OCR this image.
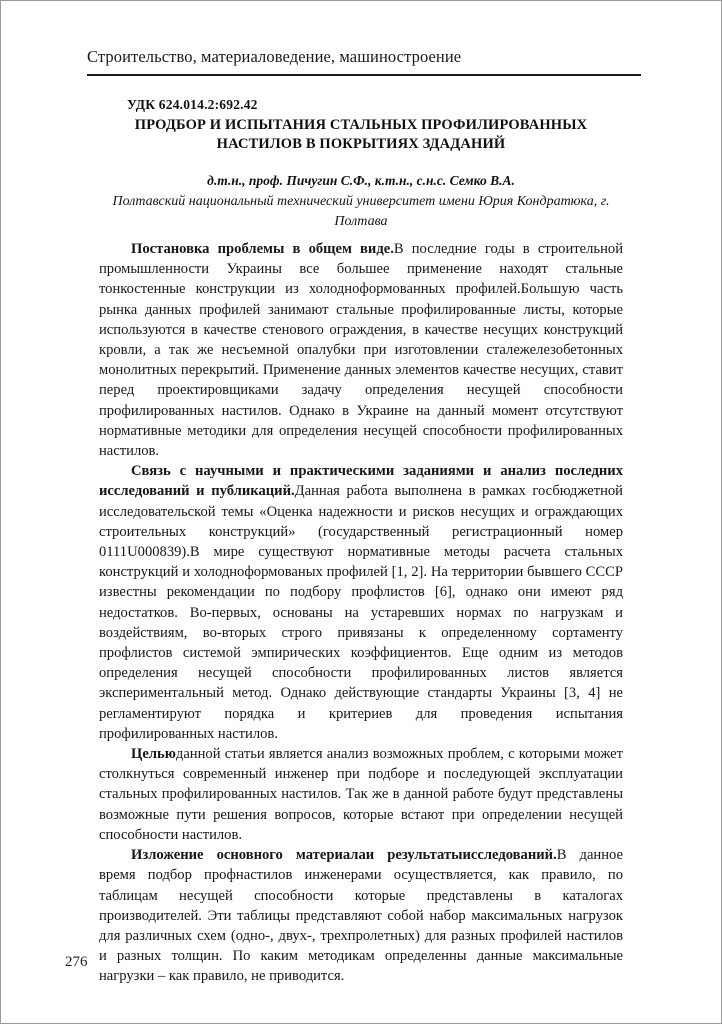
Строительство, материаловедение, машиностроение
УДК 624.014.2:692.42
ПРОДБОР И ИСПЫТАНИЯ СТАЛЬНЫХ ПРОФИЛИРОВАННЫХ НАСТИЛОВ В ПОКРЫТИЯХ ЗДАДАНИЙ
д.т.н., проф. Пичугин С.Ф., к.т.н., с.н.с. Семко В.А.
Полтавский национальный технический университет имени Юрия Кондратюка, г. Полтава

Постановка проблемы в общем виде.В последние годы в строительной промышленности Украины все большее применение находят стальные тонкостенные конструкции из холодноформованных профилей.Большую часть рынка данных профилей занимают стальные профилированные листы, которые используются в качестве стенового ограждения, в качестве несущих конструкций кровли, а так же несъемной опалубки при изготовлении сталежелезобетонных монолитных перекрытий. Применение данных элементов качестве несущих, ставит перед проектировщиками задачу определения несущей способности профилированных настилов. Однако в Украине на данный момент отсутствуют нормативные методики для определения несущей способности профилированных настилов.

Связь с научными и практическими заданиями и анализ последних исследований и публикаций.Данная работа выполнена в рамках госбюджетной исследовательской темы «Оценка надежности и рисков несущих и ограждающих строительных конструкций» (государственный регистрационный номер 0111U000839).В мире существуют нормативные методы расчета стальных конструкций и холодноформованых профилей [1, 2]. На территории бывшего СССР известны рекомендации по подбору профлистов [6], однако они имеют ряд недостатков. Во-первых, основаны на устаревших нормах по нагрузкам и воздействиям, во-вторых строго привязаны к определенному сортаменту профлистов системой эмпирических коэффициентов. Еще одним из методов определения несущей способности профилированных листов является экспериментальный метод. Однако действующие стандарты Украины [3, 4] не регламентируют порядка и критериев для проведения испытания профилированных настилов.

Цельюданной статьи является анализ возможных проблем, с которыми может столкнуться современный инженер при подборе и последующей эксплуатации стальных профилированных настилов. Так же в данной работе будут представлены возможные пути решения вопросов, которые встают при определении несущей способности настилов.

Изложение основного материалаи результатыисследований.В данное время подбор профнастилов инженерами осуществляется, как правило, по таблицам несущей способности которые представлены в каталогах производителей. Эти таблицы представляют собой набор максимальных нагрузок для различных схем (одно-, двух-, трехпролетных) для разных профилей настилов и разных толщин. По каким методикам определенны данные максимальные нагрузки – как правило, не приводится.

276
